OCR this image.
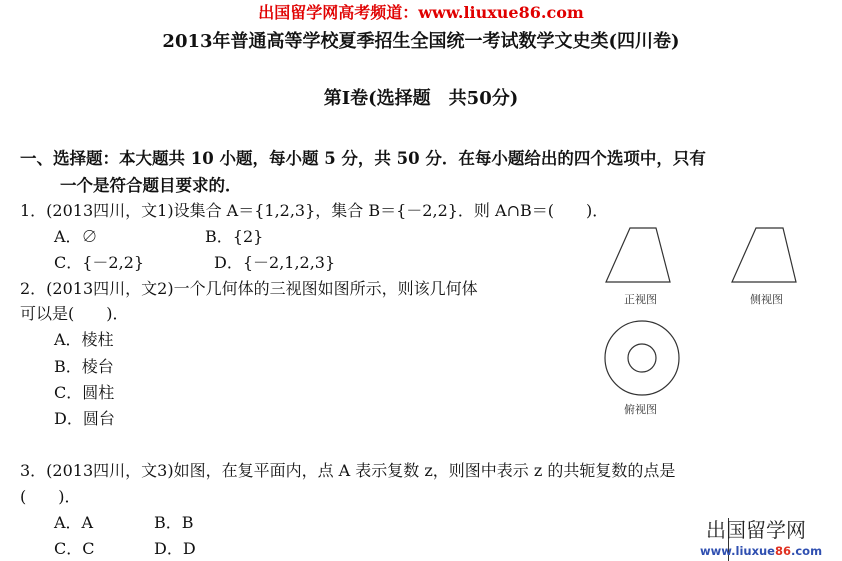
出国留学网高考频道：www.liuxue86.com
2013年普通高等学校夏季招生全国统一考试数学文史类(四川卷)
第Ⅰ卷(选择题　共50分)
一、选择题：本大题共 10 小题，每小题 5 分，共 50 分．在每小题给出的四个选项中，只有
一个是符合题目要求的．
1．(2013四川，文1)设集合 A＝{1,2,3}，集合 B＝{－2,2}．则 A∩B＝(　　)．
A．∅	B．{2}
C．{－2,2}	D．{－2,1,2,3}
2．(2013四川，文2)一个几何体的三视图如图所示，则该几何体
可以是(　　)．
A．棱柱
B．棱台
C．圆柱
D．圆台
正视图	侧视图
俯视图
3．(2013四川，文3)如图，在复平面内，点 A 表示复数 z，则图中表示 z 的共轭复数的点是
(　　)．
A．A	B．B
C．C	D．D
出国留学网
www.liuxue86.com
